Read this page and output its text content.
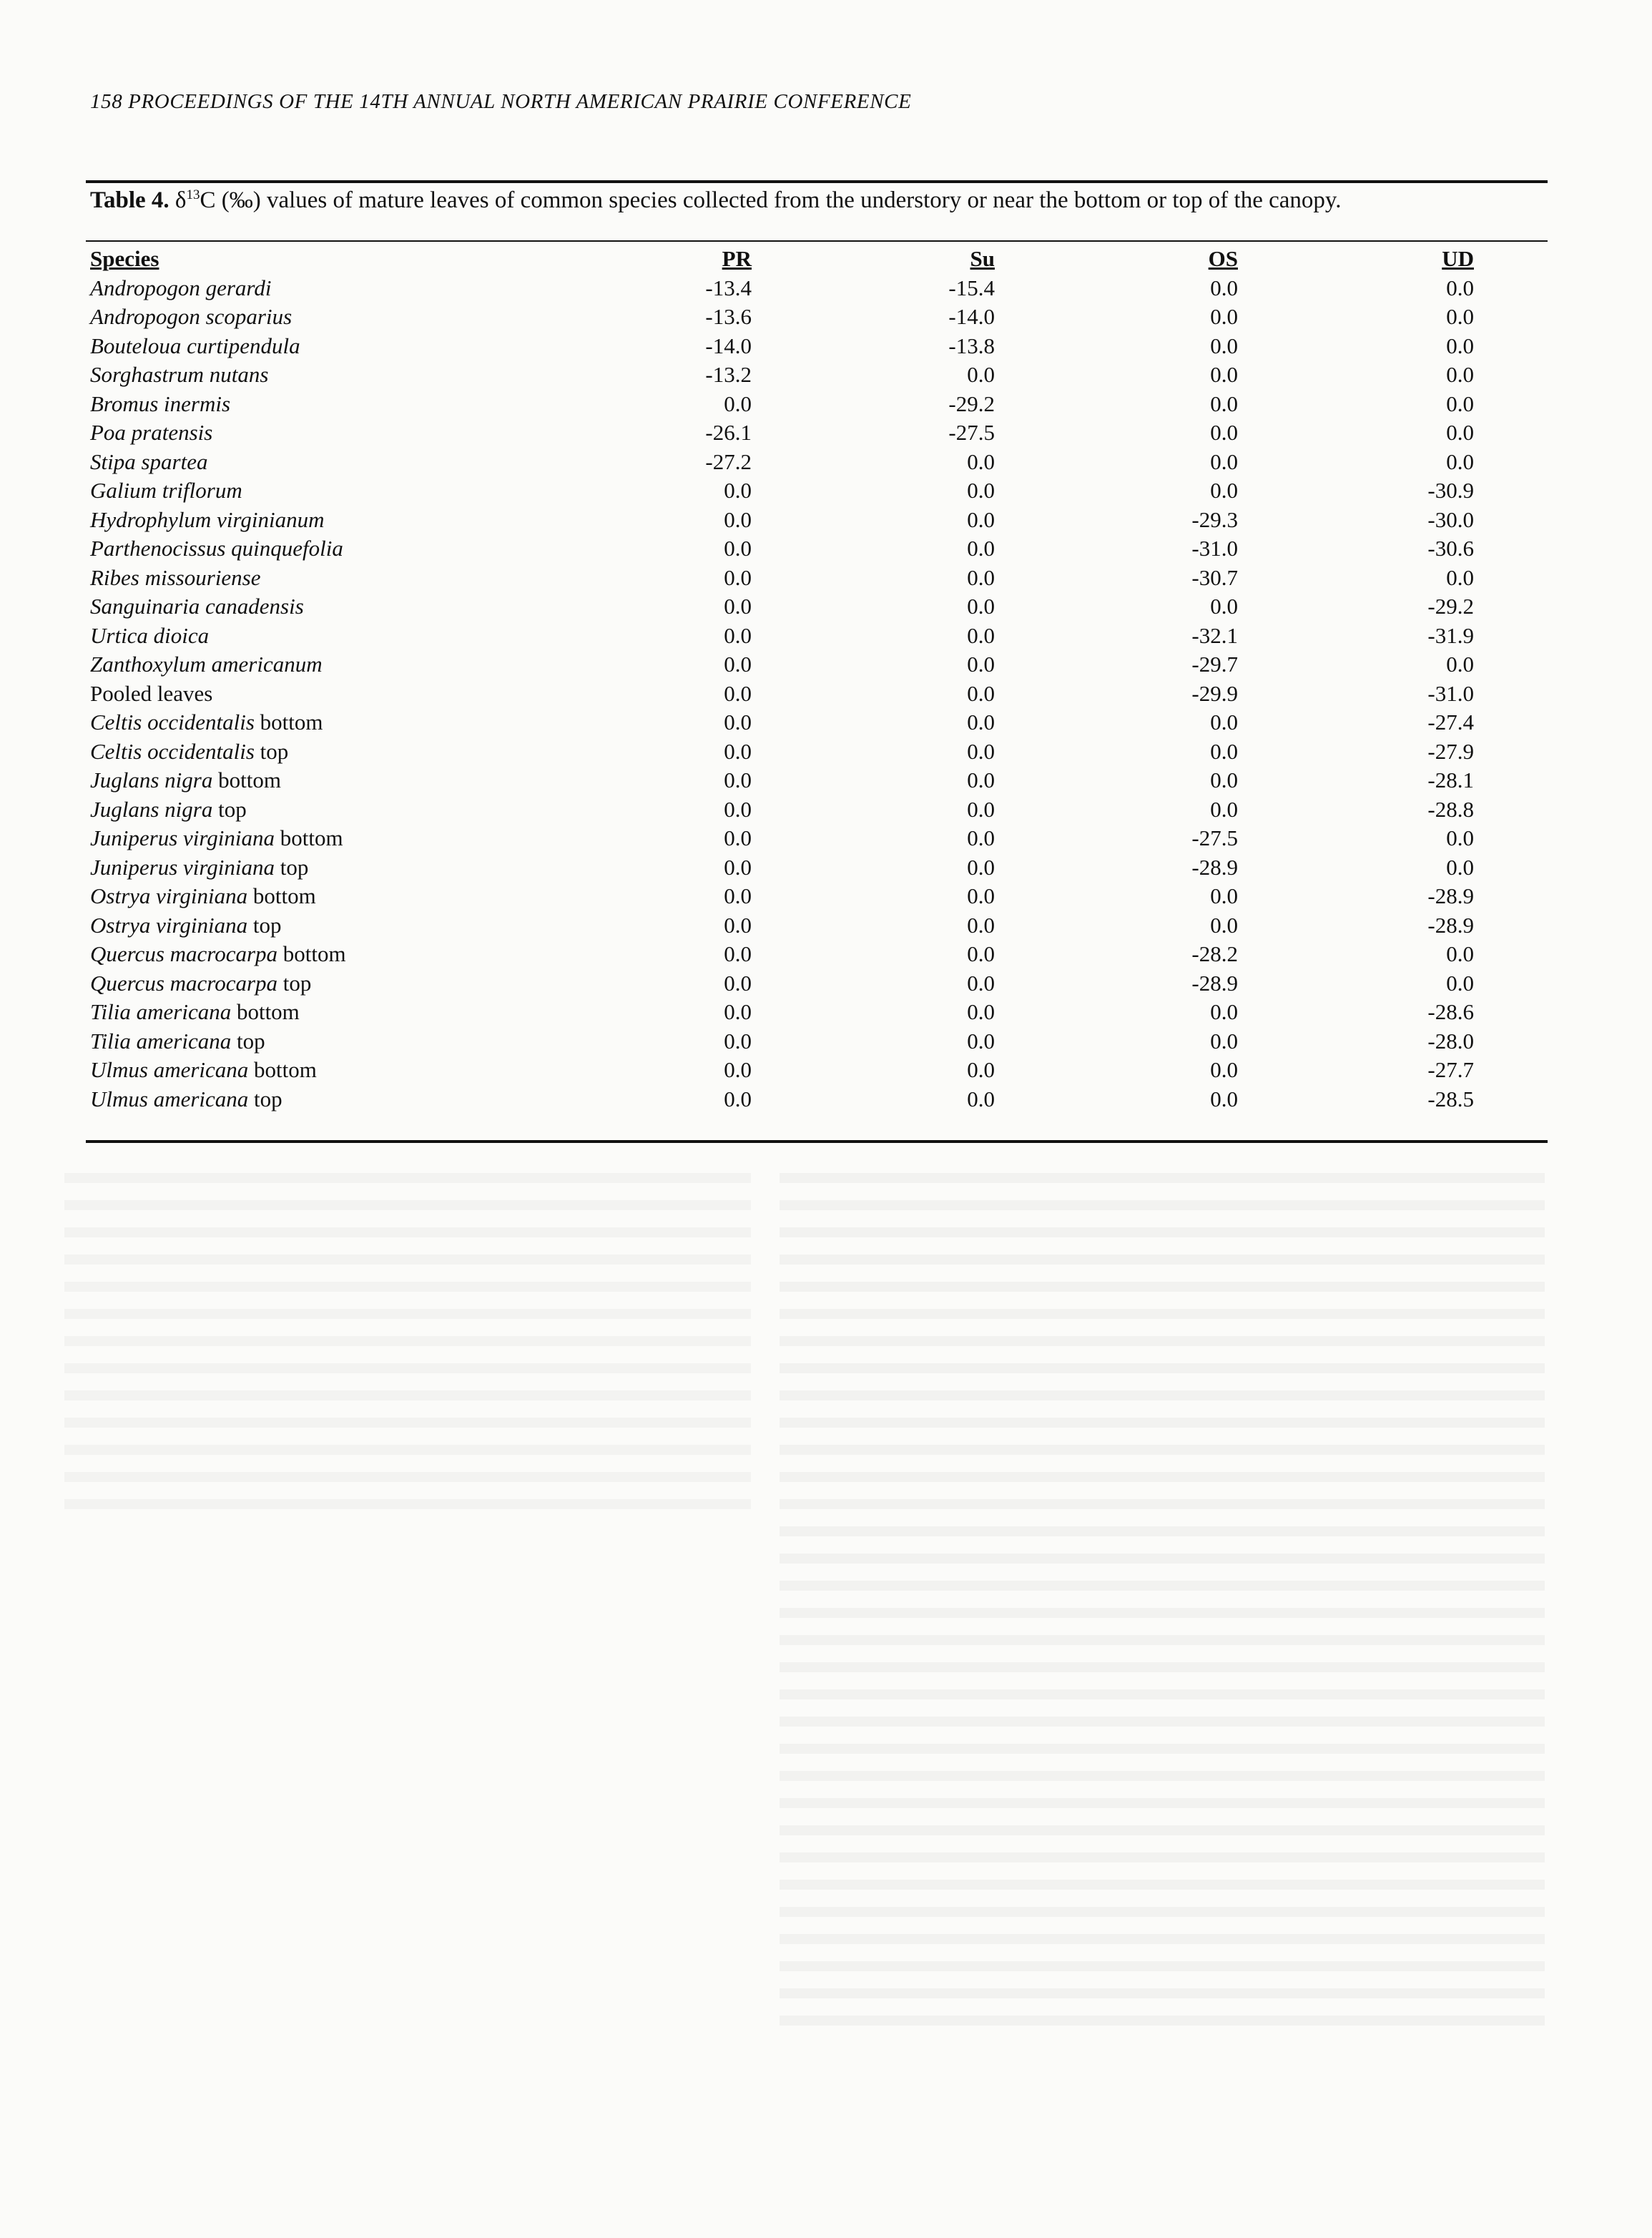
158 PROCEEDINGS OF THE 14TH ANNUAL NORTH AMERICAN PRAIRIE CONFERENCE
Table 4. $\delta^{13}C$ (‰) values of mature leaves of common species collected from the understory or near the bottom or top of the canopy.
Species	PR	Su	OS	UD
Andropogon gerardi	-13.4	-15.4	0.0	0.0
Andropogon scoparius	-13.6	-14.0	0.0	0.0
Bouteloua curtipendula	-14.0	-13.8	0.0	0.0
Sorghastrum nutans	-13.2	0.0	0.0	0.0
Bromus inermis	0.0	-29.2	0.0	0.0
Poa pratensis	-26.1	-27.5	0.0	0.0
Stipa spartea	-27.2	0.0	0.0	0.0
Galium triflorum	0.0	0.0	0.0	-30.9
Hydrophylum virginianum	0.0	0.0	-29.3	-30.0
Parthenocissus quinquefolia	0.0	0.0	-31.0	-30.6
Ribes missouriense	0.0	0.0	-30.7	0.0
Sanguinaria canadensis	0.0	0.0	0.0	-29.2
Urtica dioica	0.0	0.0	-32.1	-31.9
Zanthoxylum americanum	0.0	0.0	-29.7	0.0
Pooled leaves	0.0	0.0	-29.9	-31.0
Celtis occidentalis bottom	0.0	0.0	0.0	-27.4
Celtis occidentalis top	0.0	0.0	0.0	-27.9
Juglans nigra bottom	0.0	0.0	0.0	-28.1
Juglans nigra top	0.0	0.0	0.0	-28.8
Juniperus virginiana bottom	0.0	0.0	-27.5	0.0
Juniperus virginiana top	0.0	0.0	-28.9	0.0
Ostrya virginiana bottom	0.0	0.0	0.0	-28.9
Ostrya virginiana top	0.0	0.0	0.0	-28.9
Quercus macrocarpa bottom	0.0	0.0	-28.2	0.0
Quercus macrocarpa top	0.0	0.0	-28.9	0.0
Tilia americana bottom	0.0	0.0	0.0	-28.6
Tilia americana top	0.0	0.0	0.0	-28.0
Ulmus americana bottom	0.0	0.0	0.0	-27.7
Ulmus americana top	0.0	0.0	0.0	-28.5
